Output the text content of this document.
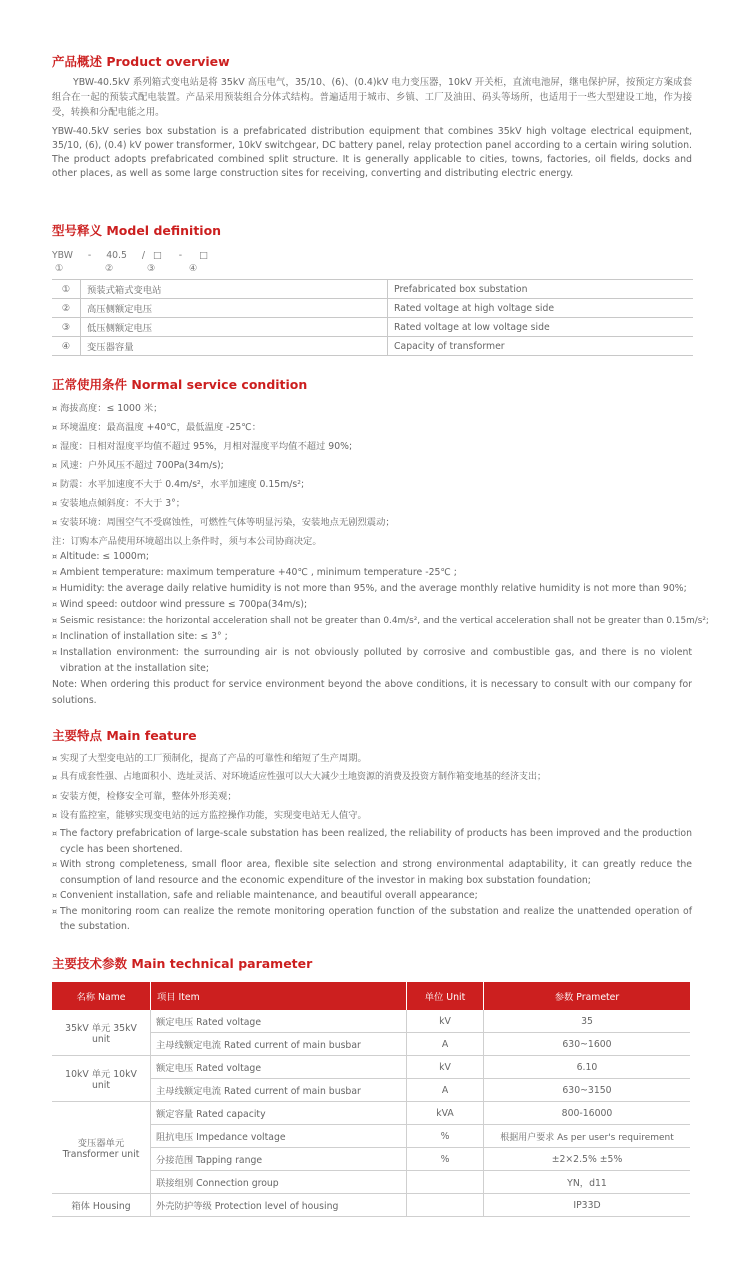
产品概述 Product overview
YBW-40.5kV 系列箱式变电站是将 35kV 高压电气，35/10、(6)、(0.4)kV 电力变压器，10kV 开关柜，直流电池屏，继电保护屏，按预定方案成套组合在一起的预装式配电装置。产品采用预装组合分体式结构。普遍适用于城市、乡镇、工厂及油田、码头等场所，也适用于一些大型建设工地，作为接受，转换和分配电能之用。
YBW-40.5kV series box substation is a prefabricated distribution equipment that combines 35kV high voltage electrical equipment, 35/10, (6), (0.4) kV power transformer, 10kV switchgear, DC battery panel, relay protection panel according to a certain wiring solution. The product adopts prefabricated combined split structure. It is generally applicable to cities, towns, factories, oil fields, docks and other places, as well as some large construction sites for receiving, converting and distributing electric energy.
型号释义 Model definition
YBW - 40.5 / □ - □
①	②	③	④
①	预装式箱式变电站	Prefabricated box substation
②	高压侧额定电压	Rated voltage at high voltage side
③	低压侧额定电压	Rated voltage at low voltage side
④	变压器容量	Capacity of transformer
正常使用条件 Normal service condition
¤ 海拔高度：≤ 1000 米；
¤ 环境温度：最高温度 +40℃，最低温度 -25℃：
¤ 湿度：日相对湿度平均值不超过 95%，月相对湿度平均值不超过 90%;
¤ 风速：户外风压不超过 700Pa(34m/s);
¤ 防震：水平加速度不大于 0.4m/s²，水平加速度 0.15m/s²;
¤ 安装地点倾斜度：不大于 3°；
¤ 安装环境：周围空气不受腐蚀性，可燃性气体等明显污染，安装地点无剧烈震动；
注：订购本产品使用环境超出以上条件时，须与本公司协商决定。
¤ Altitude: ≤ 1000m;
¤ Ambient temperature: maximum temperature +40℃ , minimum temperature -25℃ ;
¤ Humidity: the average daily relative humidity is not more than 95%, and the average monthly relative humidity is not more than 90%;
¤ Wind speed: outdoor wind pressure ≤ 700pa(34m/s);
¤ Seismic resistance: the horizontal acceleration shall not be greater than 0.4m/s², and the vertical acceleration shall not be greater than 0.15m/s²;
¤ Inclination of installation site: ≤ 3° ;
¤ Installation environment: the surrounding air is not obviously polluted by corrosive and combustible gas, and there is no violent vibration at the installation site;
Note: When ordering this product for service environment beyond the above conditions, it is necessary to consult with our company for solutions.
主要特点 Main feature
¤ 实现了大型变电站的工厂预制化，提高了产品的可靠性和缩短了生产周期。
¤ 具有成套性强、占地面积小、选址灵活、对环境适应性强可以大大减少土地资源的消费及投资方制作箱变地基的经济支出；
¤ 安装方便，检修安全可靠，整体外形美观；
¤ 设有监控室，能够实现变电站的远方监控操作功能，实现变电站无人值守。
¤ The factory prefabrication of large-scale substation has been realized, the reliability of products has been improved and the production cycle has been shortened.
¤ With strong completeness, small floor area, flexible site selection and strong environmental adaptability, it can greatly reduce the consumption of land resource and the economic expenditure of the investor in making box substation foundation;
¤ Convenient installation, safe and reliable maintenance, and beautiful overall appearance;
¤ The monitoring room can realize the remote monitoring operation function of the substation and realize the unattended operation of the substation.
主要技术参数 Main technical parameter
名称 Name	项目 Item	单位 Unit	参数 Prameter
35kV 单元 35kV unit	额定电压 Rated voltage	kV	35
	主母线额定电流 Rated current of main busbar	A	630~1600
10kV 单元 10kV unit	额定电压 Rated voltage	kV	6.10
	主母线额定电流 Rated current of main busbar	A	630~3150

变压器单元
Transformer unit	额定容量 Rated capacity	kVA	800-16000
	阻抗电压 Impedance voltage	%	根据用户要求 As per user's requirement
	分接范围 Tapping range	%	±2×2.5% ±5%
	联接组别 Connection group		YN，d11
箱体 Housing	外壳防护等级 Protection level of housing		IP33D
